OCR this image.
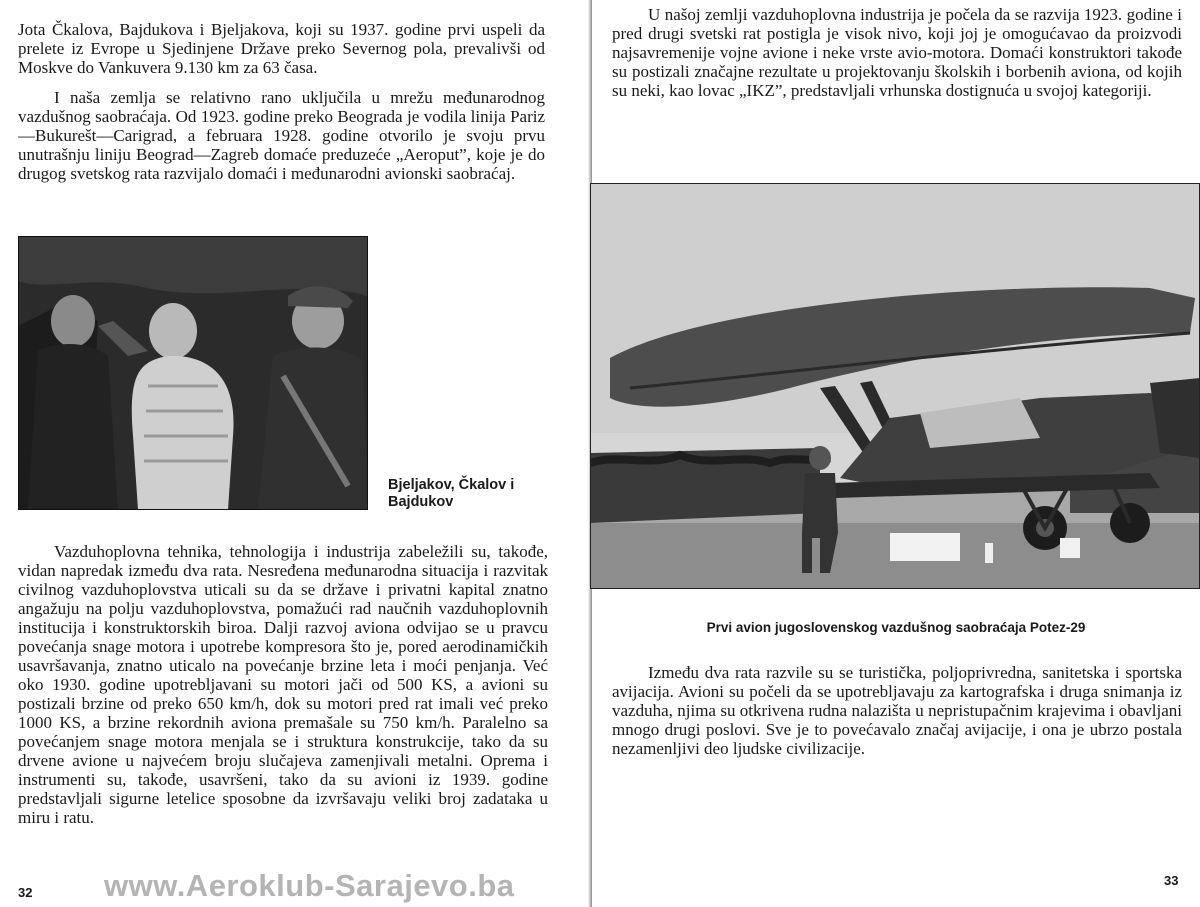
Jota Čkalova, Bajdukova i Bjeljakova, koji su 1937. godine prvi uspeli da prelete iz Evrope u Sjedinjene Države preko Severnog pola, prevalivši od Moskve do Vankuvera 9.130 km za 63 časa.

I naša zemlja se relativno rano uključila u mrežu međunarodnog vazdušnog saobraćaja. Od 1923. godine preko Beograda je vodila linija Pariz—Bukurešt—Carigrad, a februara 1928. godine otvorilo je svoju prvu unutrašnju liniju Beograd—Zagreb domaće preduzeće „Aeroput”, koje je do drugog svetskog rata razvijalo domaći i međunarodni avionski saobraćaj.

Bjeljakov, Čkalov i Bajdukov

Vazduhoplovna tehnika, tehnologija i industrija zabeležili su, takođe, vidan napredak između dva rata. Nesređena međunarodna situacija i razvitak civilnog vazduhoplovstva uticali su da se države i privatni kapital znatno angažuju na polju vazduhoplovstva, pomažući rad naučnih vazduhoplovnih institucija i konstruktorskih biroa. Dalji razvoj aviona odvijao se u pravcu povećanja snage motora i upotrebe kompresora što je, pored aerodinamičkih usavršavanja, znatno uticalo na povećanje brzine leta i moći penjanja. Već oko 1930. godine upotrebljavani su motori jači od 500 KS, a avioni su postizali brzine od preko 650 km/h, dok su motori pred rat imali već preko 1000 KS, a brzine rekordnih aviona premašale su 750 km/h. Paralelno sa povećanjem snage motora menjala se i struktura konstrukcije, tako da su drvene avione u najvećem broju slučajeva zamenjivali metalni. Oprema i instrumenti su, takođe, usavršeni, tako da su avioni iz 1939. godine predstavljali sigurne letelice sposobne da izvršavaju veliki broj zadataka u miru i ratu.

32

U našoj zemlji vazduhoplovna industrija je počela da se razvija 1923. godine i pred drugi svetski rat postigla je visok nivo, koji joj je omogućavao da proizvodi najsavremenije vojne avione i neke vrste avio-motora. Domaći konstruktori takođe su postizali značajne rezultate u projektovanju školskih i borbenih aviona, od kojih su neki, kao lovac „IKZ”, predstavljali vrhunska dostignuća u svojoj kategoriji.

Prvi avion jugoslovenskog vazdušnog saobraćaja Potez-29

Između dva rata razvile su se turistička, poljoprivredna, sanitetska i sportska avijacija. Avioni su počeli da se upotrebljavaju za kartografska i druga snimanja iz vazduha, njima su otkrivena rudna nalazišta u nepristupačnim krajevima i obavljani mnogo drugi poslovi. Sve je to povećavalo značaj avijacije, i ona je ubrzo postala nezamenljivi deo ljudske civilizacije.

33
www.Aeroklub-Sarajevo.ba
